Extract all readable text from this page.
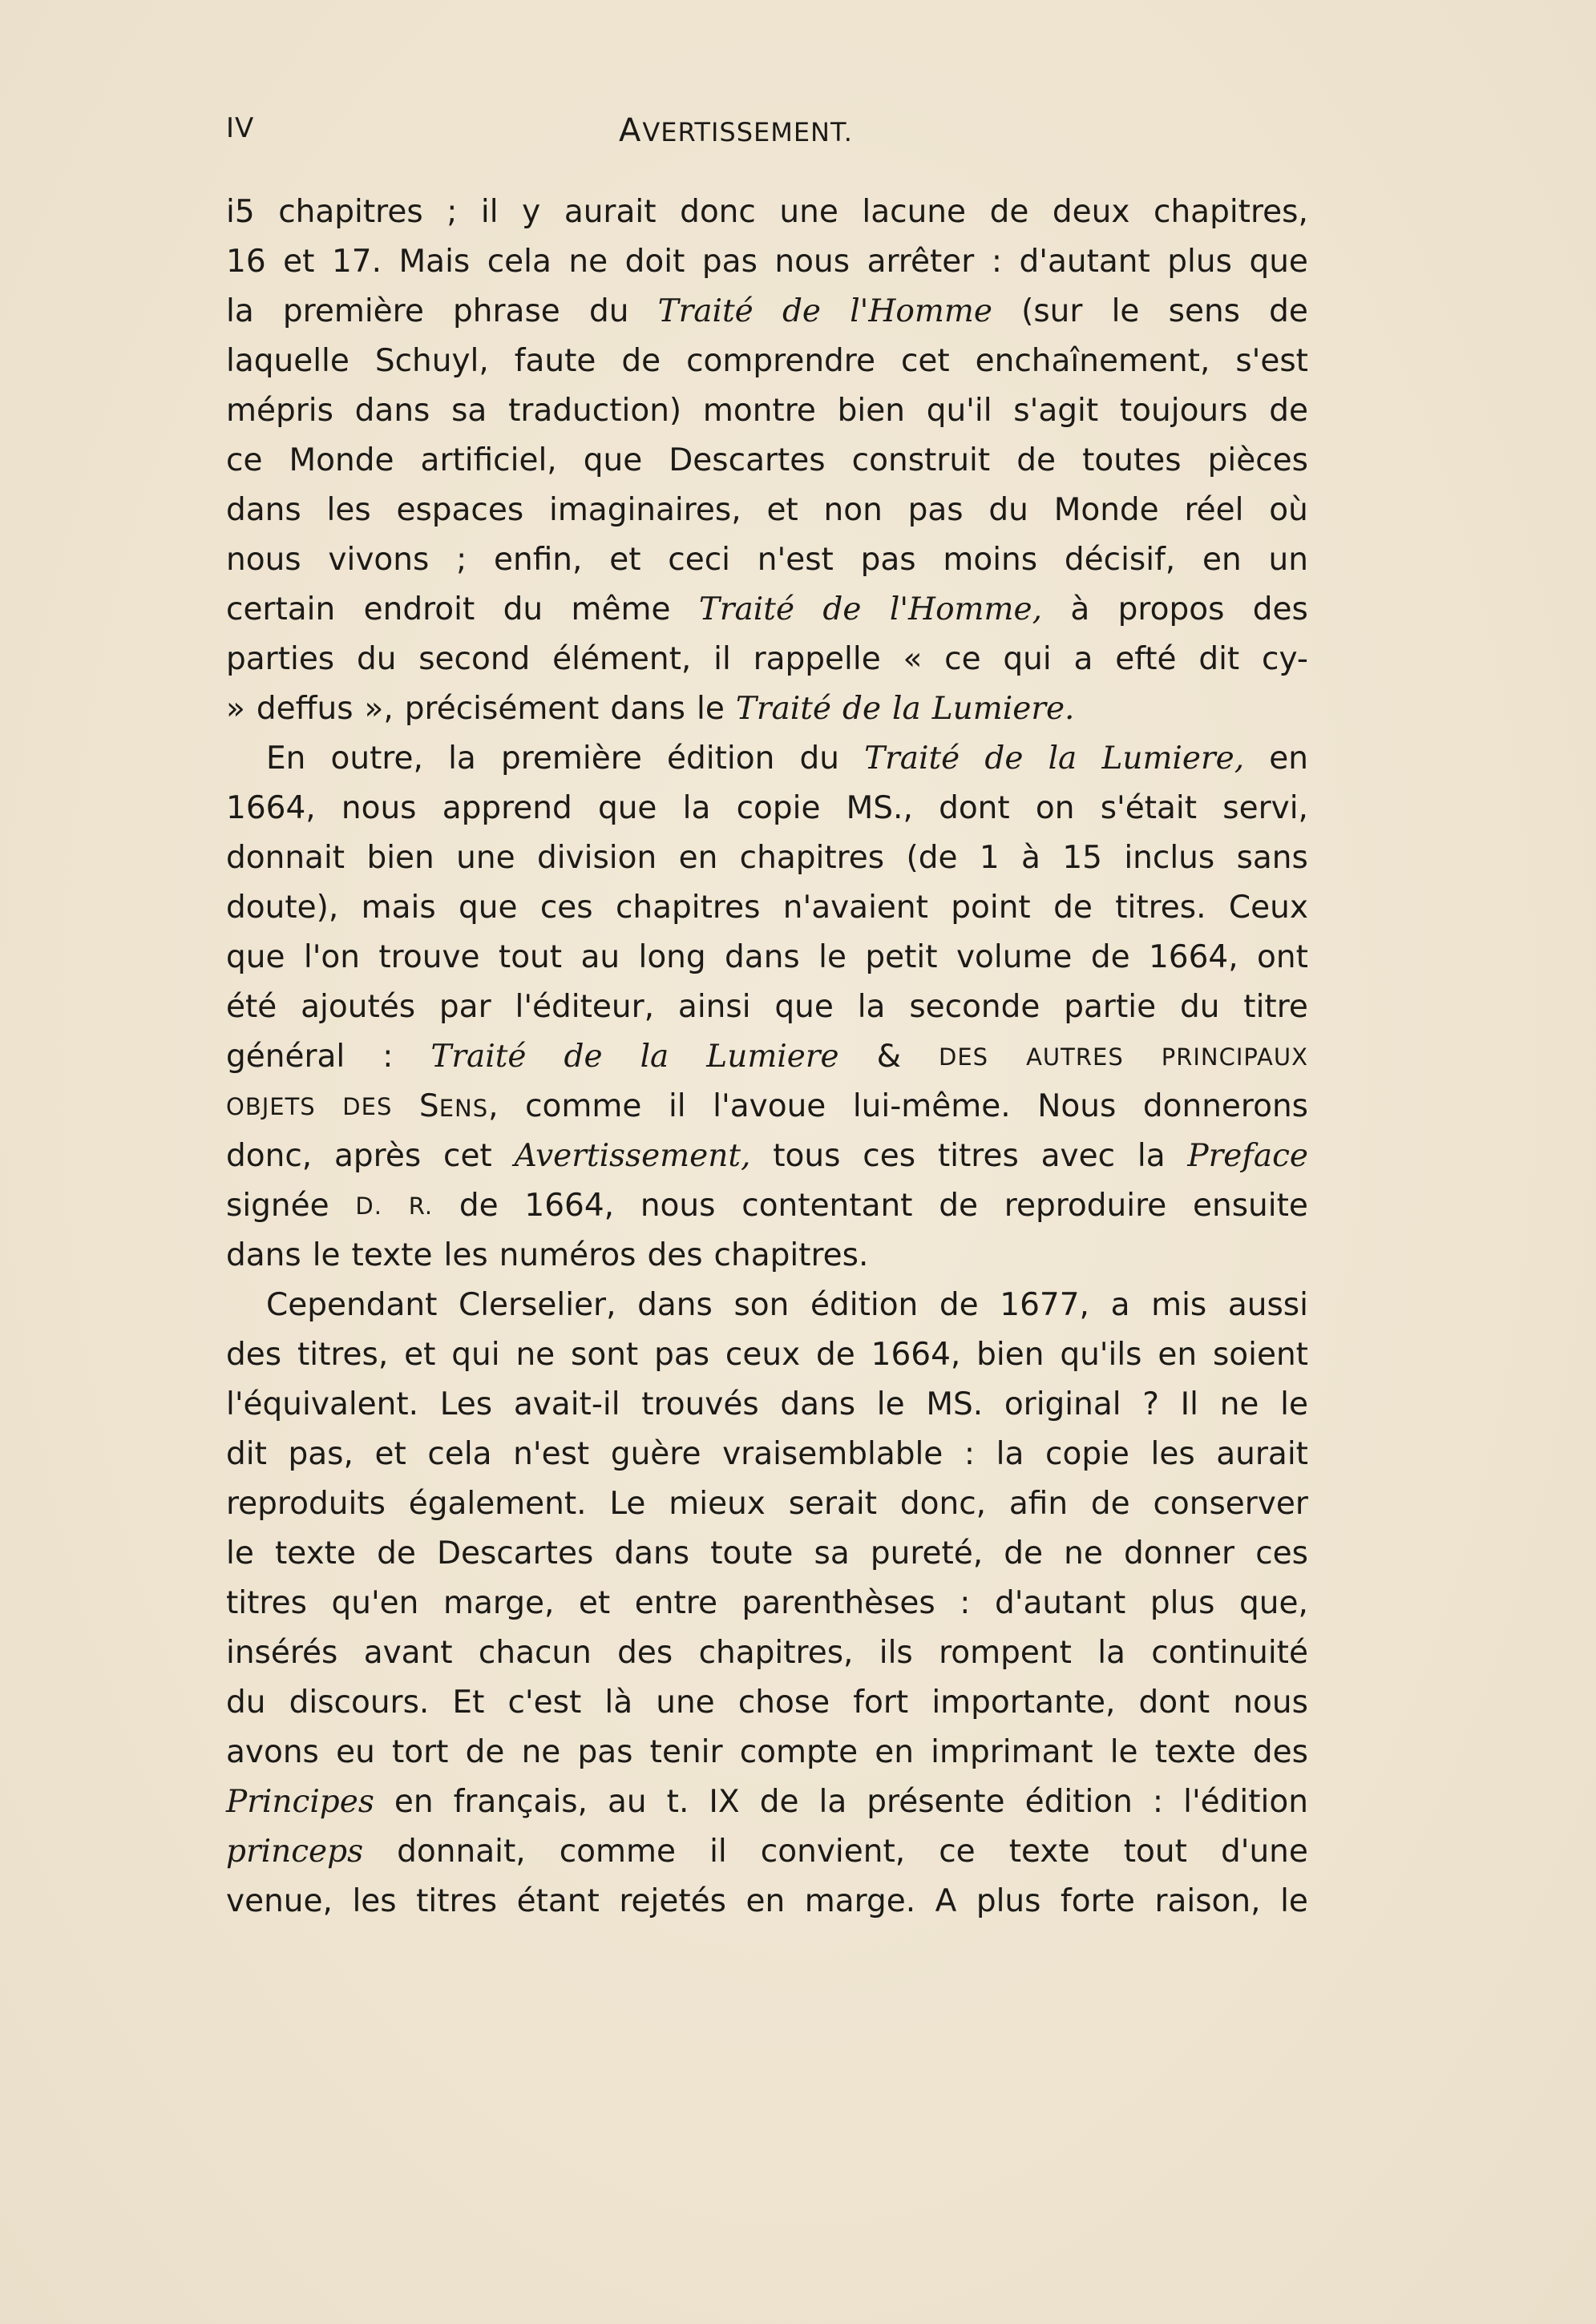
IV	AVERTISSEMENT.
i5 chapitres ; il y aurait donc une lacune de deux chapitres,
16 et 17. Mais cela ne doit pas nous arrêter : d'autant plus que
la première phrase du Traité de l'Homme (sur le sens de
laquelle Schuyl, faute de comprendre cet enchaînement, s'est
mépris dans sa traduction) montre bien qu'il s'agit toujours de
ce Monde artificiel, que Descartes construit de toutes pièces
dans les espaces imaginaires, et non pas du Monde réel où
nous vivons ; enfin, et ceci n'est pas moins décisif, en un
certain endroit du même Traité de l'Homme, à propos des
parties du second élément, il rappelle « ce qui a efté dit cy-
» deffus », précisément dans le Traité de la Lumiere.
En outre, la première édition du Traité de la Lumiere, en
1664, nous apprend que la copie MS., dont on s'était servi,
donnait bien une division en chapitres (de 1 à 15 inclus sans
doute), mais que ces chapitres n'avaient point de titres. Ceux
que l'on trouve tout au long dans le petit volume de 1664, ont
été ajoutés par l'éditeur, ainsi que la seconde partie du titre
général : Traité de la Lumiere & DES AUTRES PRINCIPAUX
OBJETS DES SENS, comme il l'avoue lui-même. Nous donnerons
donc, après cet Avertissement, tous ces titres avec la Preface
signée D. R. de 1664, nous contentant de reproduire ensuite
dans le texte les numéros des chapitres.
Cependant Clerselier, dans son édition de 1677, a mis aussi
des titres, et qui ne sont pas ceux de 1664, bien qu'ils en soient
l'équivalent. Les avait-il trouvés dans le MS. original ? Il ne le
dit pas, et cela n'est guère vraisemblable : la copie les aurait
reproduits également. Le mieux serait donc, afin de conserver
le texte de Descartes dans toute sa pureté, de ne donner ces
titres qu'en marge, et entre parenthèses : d'autant plus que,
insérés avant chacun des chapitres, ils rompent la continuité
du discours. Et c'est là une chose fort importante, dont nous
avons eu tort de ne pas tenir compte en imprimant le texte des
Principes en français, au t. IX de la présente édition : l'édition
princeps donnait, comme il convient, ce texte tout d'une
venue, les titres étant rejetés en marge. A plus forte raison, le
